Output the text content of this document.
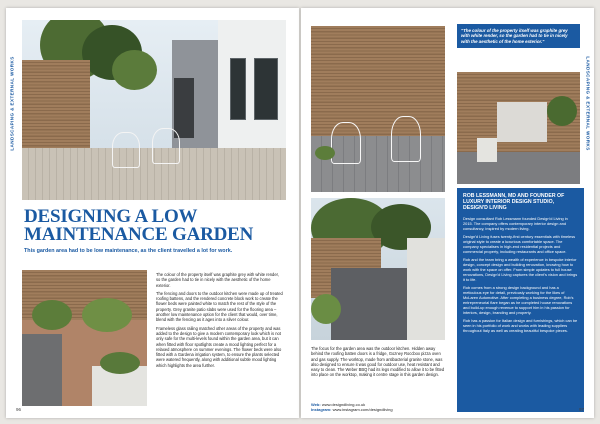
LANDSCAPING & EXTERNAL WORKS
DESIGNING A LOW MAINTENANCE GARDEN

This garden area had to be low maintenance, as the client travelled a lot for work.

The colour of the property itself was graphite grey with white render, so the garden had to tie in nicely with the aesthetic of the home exterior.

The fencing and doors to the outdoor kitchen were made up of treated roofing battens, and the rendered concrete block work to create the flower beds were painted white to match the rest of the style of the property. Grey granite patio slabs were used for the flooring area – another low maintenance option for the client that would, over time, blend with the fencing as it ages into a silver colour.

Frameless glass railing matched other areas of the property and was added to the design to give a modern contemporary look which is not only safe for the multi-levels found within the garden area, but it can when fitted with floor spotlights create a mood lighting perfect for a relaxed atmosphere on summer evenings. The flower beds were also fitted with a Gardena irrigation system, to ensure the plants selected were watered frequently, along with additional subtle mood lighting which highlights the area further.

96
LANDSCAPING & EXTERNAL WORKS

"The colour of the property itself was graphite grey with white render, so the garden had to tie in nicely with the aesthetic of the home exterior."

The focus for the garden area was the outdoor kitchen. Hidden away behind the roofing batten doors is a fridge, Gozney Roccbox pizza oven and gas supply. The worktop, made from antibacterial granite stone, was also designed to ensure it was good for outdoor use, heat resistant and easy to clean. The Weber BBQ had its legs modified to allow it to be fitted into place on the worktop, making it centre stage in this garden design.

Web: www.designdliving.co.uk

Instagram: www.instagram.com/designdliving

ROB LESSMANN, MD AND FOUNDER OF LUXURY INTERIOR DESIGN STUDIO, DESIGN'D LIVING

Design consultant Rob Lessmann founded Design'd Living in 2015. The company offers contemporary interior design and consultancy, inspired by modern living.

Design'd Living fuses twenty-first century essentials with timeless original style to create a luxurious comfortable space. The company specialises in high-end residential projects and commercial property, including restaurants and office space.

Rob and the team bring a wealth of experience in bespoke interior design, concept design and building renovation, knowing how to work with the space on offer. From simple updates to full house renovations, Design'd Living captures the client's vision and brings it to life.

Rob comes from a strong design background and has a meticulous eye for detail, previously working for the likes of McLaren Automotive. After completing a business degree, Rob's entrepreneurial flare began as he completed house renovations and build-up enough revenue to support him in his passion for interiors, design, branding and property.

Rob has a passion for Italian design and furnishings, which can be seen in his portfolio of work and works with leading suppliers throughout Italy as well as creating beautiful bespoke pieces.

97
